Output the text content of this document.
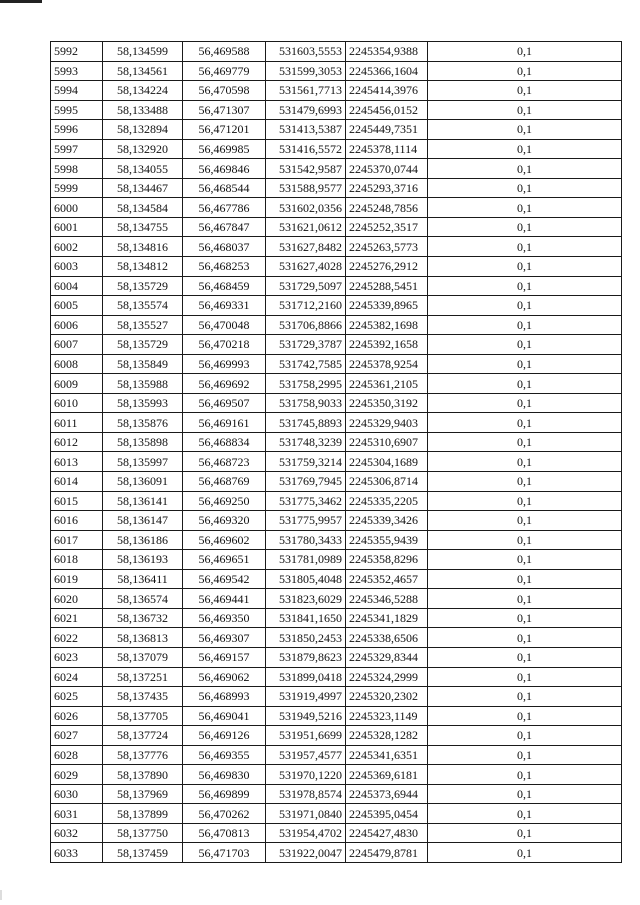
5992	58,134599	56,469588	531603,5553	2245354,9388	0,1
5993	58,134561	56,469779	531599,3053	2245366,1604	0,1
5994	58,134224	56,470598	531561,7713	2245414,3976	0,1
5995	58,133488	56,471307	531479,6993	2245456,0152	0,1
5996	58,132894	56,471201	531413,5387	2245449,7351	0,1
5997	58,132920	56,469985	531416,5572	2245378,1114	0,1
5998	58,134055	56,469846	531542,9587	2245370,0744	0,1
5999	58,134467	56,468544	531588,9577	2245293,3716	0,1
6000	58,134584	56,467786	531602,0356	2245248,7856	0,1
6001	58,134755	56,467847	531621,0612	2245252,3517	0,1
6002	58,134816	56,468037	531627,8482	2245263,5773	0,1
6003	58,134812	56,468253	531627,4028	2245276,2912	0,1
6004	58,135729	56,468459	531729,5097	2245288,5451	0,1
6005	58,135574	56,469331	531712,2160	2245339,8965	0,1
6006	58,135527	56,470048	531706,8866	2245382,1698	0,1
6007	58,135729	56,470218	531729,3787	2245392,1658	0,1
6008	58,135849	56,469993	531742,7585	2245378,9254	0,1
6009	58,135988	56,469692	531758,2995	2245361,2105	0,1
6010	58,135993	56,469507	531758,9033	2245350,3192	0,1
6011	58,135876	56,469161	531745,8893	2245329,9403	0,1
6012	58,135898	56,468834	531748,3239	2245310,6907	0,1
6013	58,135997	56,468723	531759,3214	2245304,1689	0,1
6014	58,136091	56,468769	531769,7945	2245306,8714	0,1
6015	58,136141	56,469250	531775,3462	2245335,2205	0,1
6016	58,136147	56,469320	531775,9957	2245339,3426	0,1
6017	58,136186	56,469602	531780,3433	2245355,9439	0,1
6018	58,136193	56,469651	531781,0989	2245358,8296	0,1
6019	58,136411	56,469542	531805,4048	2245352,4657	0,1
6020	58,136574	56,469441	531823,6029	2245346,5288	0,1
6021	58,136732	56,469350	531841,1650	2245341,1829	0,1
6022	58,136813	56,469307	531850,2453	2245338,6506	0,1
6023	58,137079	56,469157	531879,8623	2245329,8344	0,1
6024	58,137251	56,469062	531899,0418	2245324,2999	0,1
6025	58,137435	56,468993	531919,4997	2245320,2302	0,1
6026	58,137705	56,469041	531949,5216	2245323,1149	0,1
6027	58,137724	56,469126	531951,6699	2245328,1282	0,1
6028	58,137776	56,469355	531957,4577	2245341,6351	0,1
6029	58,137890	56,469830	531970,1220	2245369,6181	0,1
6030	58,137969	56,469899	531978,8574	2245373,6944	0,1
6031	58,137899	56,470262	531971,0840	2245395,0454	0,1
6032	58,137750	56,470813	531954,4702	2245427,4830	0,1
6033	58,137459	56,471703	531922,0047	2245479,8781	0,1
